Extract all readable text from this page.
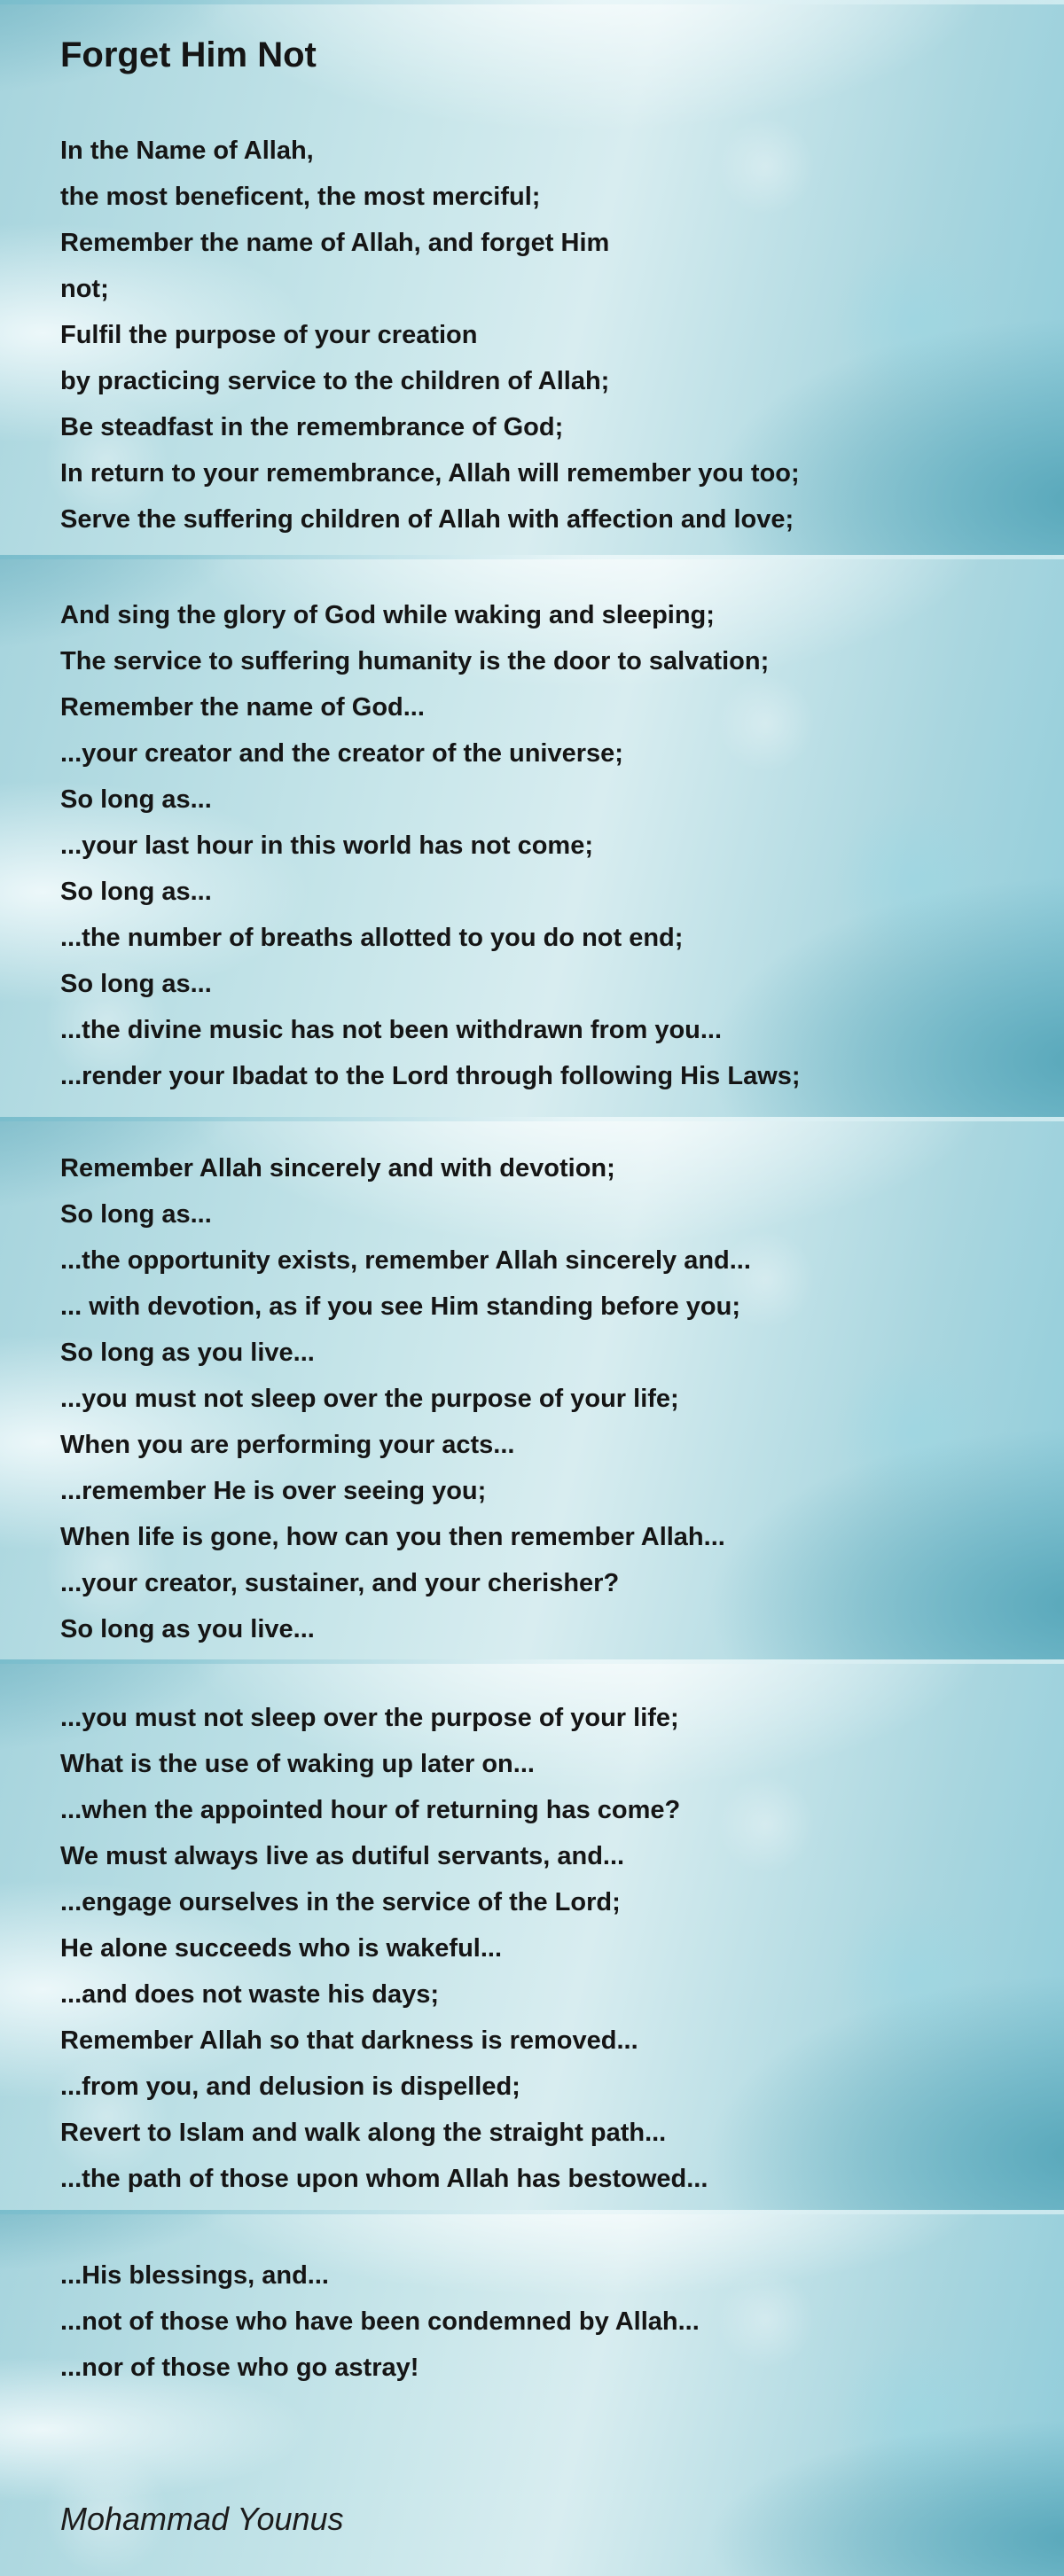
Forget Him Not
In the Name of Allah,
the most beneficent, the most merciful;
Remember the name of Allah, and forget Him
not;
Fulfil the purpose of your creation
by practicing service to the children of Allah;
Be steadfast in the remembrance of God;
In return to your remembrance, Allah will remember you too;
Serve the suffering children of Allah with affection and love;
And sing the glory of God while waking and sleeping;
The service to suffering humanity is the door to salvation;
Remember the name of God...
...your creator and the creator of the universe;
So long as...
...your last hour in this world has not come;
So long as...
...the number of breaths allotted to you do not end;
So long as...
...the divine music has not been withdrawn from you...
...render your Ibadat to the Lord through following His Laws;
Remember Allah sincerely and with devotion;
So long as...
...the opportunity exists, remember Allah sincerely and...
... with devotion, as if you see Him standing before you;
So long as you live...
...you must not sleep over the purpose of your life;
When you are performing your acts...
...remember He is over seeing you;
When life is gone, how can you then remember Allah...
...your creator, sustainer, and your cherisher?
So long as you live...
...you must not sleep over the purpose of your life;
What is the use of waking up later on...
...when the appointed hour of returning has come?
We must always live as dutiful servants, and...
...engage ourselves in the service of the Lord;
He alone succeeds who is wakeful...
...and does not waste his days;
Remember Allah so that darkness is removed...
...from you, and delusion is dispelled;
Revert to Islam and walk along the straight path...
...the path of those upon whom Allah has bestowed...
...His blessings, and...
...not of those who have been condemned by Allah...
...nor of those who go astray!
Mohammad Younus
